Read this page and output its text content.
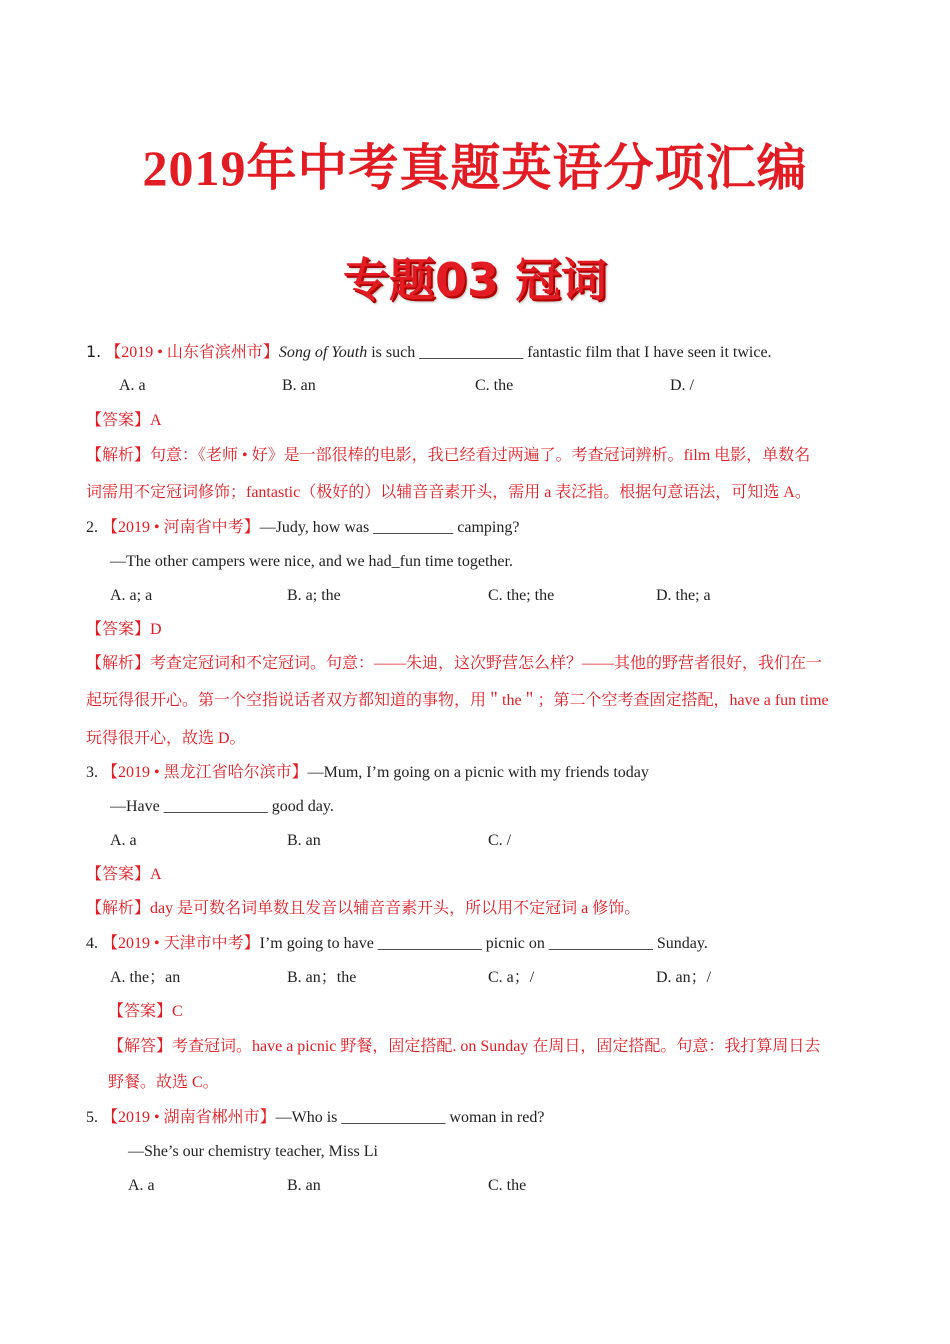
2019年中考真题英语分项汇编
专题03 冠词
1. 【2019 • 山东省滨州市】Song of Youth is such _____________ fantastic film that I have seen it twice.
A. a	B. an	C. the	D. /
【答案】A
【解析】句意：《老师 • 好》是一部很棒的电影，我已经看过两遍了。考查冠词辨析。film 电影，单数名
词需用不定冠词修饰；fantastic（极好的）以辅音音素开头，需用 a 表泛指。根据句意语法，可知选 A。
2. 【2019 • 河南省中考】—Judy, how was __________ camping?
—The other campers were nice, and we had_fun time together.
A. a; a	B. a; the	C. the; the	D. the; a
【答案】D
【解析】考查定冠词和不定冠词。句意：——朱迪，这次野营怎么样？——其他的野营者很好，我们在一
起玩得很开心。第一个空指说话者双方都知道的事物，用＂the＂；第二个空考查固定搭配，have a fun time
玩得很开心，故选 D。
3. 【2019 • 黑龙江省哈尔滨市】—Mum, I’m going on a picnic with my friends today
—Have _____________ good day.
A. a	B. an	C. /
【答案】A
【解析】day 是可数名词单数且发音以辅音音素开头，所以用不定冠词 a 修饰。
4. 【2019 • 天津市中考】I’m going to have _____________ picnic on _____________ Sunday.
A. the；an	B. an；the	C. a；/	D. an；/
【答案】C
【解答】考查冠词。have a picnic 野餐，固定搭配. on Sunday 在周日，固定搭配。句意：我打算周日去
野餐。故选 C。
5. 【2019 • 湖南省郴州市】—Who is _____________ woman in red?
—She’s our chemistry teacher, Miss Li
A. a	B. an	C. the
